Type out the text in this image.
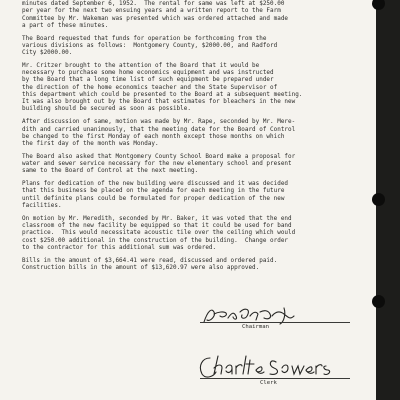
minutes dated September 6, 1952.  The rental for same was left at $250.00
per year for the next two ensuing years and a written report to the Farm
Committee by Mr. Wakeman was presented which was ordered attached and made
a part of these minutes.
The Board requested that funds for operation be forthcoming from the
various divisions as follows:  Montgomery County, $2000.00, and Radford
City $2000.00.
Mr. Critzer brought to the attention of the Board that it would be
necessary to purchase some home economics equipment and was instructed
by the Board that a long time list of such equipment be prepared under
the direction of the home economics teacher and the State Supervisor of
this department which could be presented to the Board at a subsequent meeting.
It was also brought out by the Board that estimates for bleachers in the new
building should be secured as soon as possible.
After discussion of same, motion was made by Mr. Rape, seconded by Mr. Mere-
dith and carried unanimously, that the meeting date for the Board of Control
be changed to the first Monday of each month except those months on which
the first day of the month was Monday.
The Board also asked that Montgomery County School Board make a proposal for
water and sewer service necessary for the new elementary school and present
same to the Board of Control at the next meeting.
Plans for dedication of the new building were discussed and it was decided
that this business be placed on the agenda for each meeting in the future
until definite plans could be formulated for proper dedication of the new
facilities.
On motion by Mr. Meredith, seconded by Mr. Baker, it was voted that the end
classroom of the new facility be equipped so that it could be used for band
practice.  This would necessitate acoustic tile over the ceiling which would
cost $250.00 additional in the construction of the building.  Change order
to the contractor for this additional sum was ordered.
Bills in the amount of $3,664.41 were read, discussed and ordered paid.
Construction bills in the amount of $13,620.97 were also approved.
Chairman
Clerk
